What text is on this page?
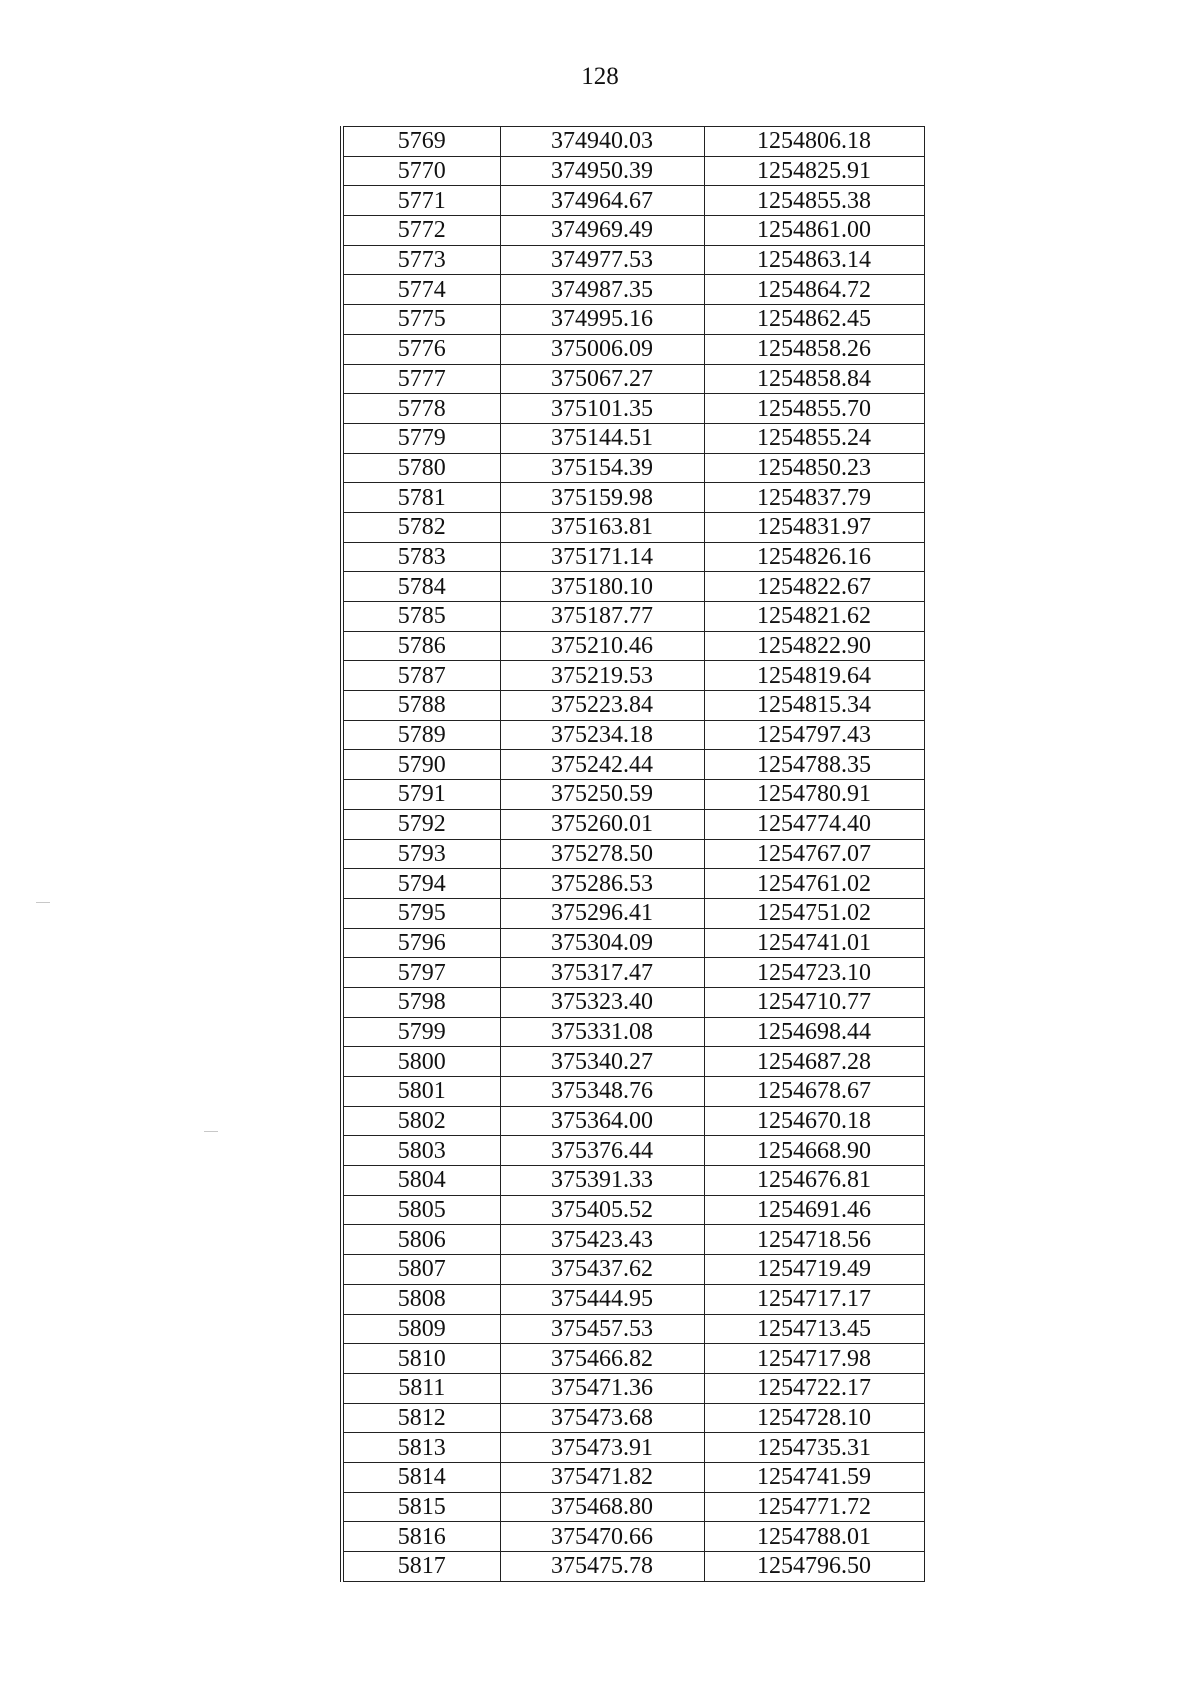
128
5769	374940.03	1254806.18
5770	374950.39	1254825.91
5771	374964.67	1254855.38
5772	374969.49	1254861.00
5773	374977.53	1254863.14
5774	374987.35	1254864.72
5775	374995.16	1254862.45
5776	375006.09	1254858.26
5777	375067.27	1254858.84
5778	375101.35	1254855.70
5779	375144.51	1254855.24
5780	375154.39	1254850.23
5781	375159.98	1254837.79
5782	375163.81	1254831.97
5783	375171.14	1254826.16
5784	375180.10	1254822.67
5785	375187.77	1254821.62
5786	375210.46	1254822.90
5787	375219.53	1254819.64
5788	375223.84	1254815.34
5789	375234.18	1254797.43
5790	375242.44	1254788.35
5791	375250.59	1254780.91
5792	375260.01	1254774.40
5793	375278.50	1254767.07
5794	375286.53	1254761.02
5795	375296.41	1254751.02
5796	375304.09	1254741.01
5797	375317.47	1254723.10
5798	375323.40	1254710.77
5799	375331.08	1254698.44
5800	375340.27	1254687.28
5801	375348.76	1254678.67
5802	375364.00	1254670.18
5803	375376.44	1254668.90
5804	375391.33	1254676.81
5805	375405.52	1254691.46
5806	375423.43	1254718.56
5807	375437.62	1254719.49
5808	375444.95	1254717.17
5809	375457.53	1254713.45
5810	375466.82	1254717.98
5811	375471.36	1254722.17
5812	375473.68	1254728.10
5813	375473.91	1254735.31
5814	375471.82	1254741.59
5815	375468.80	1254771.72
5816	375470.66	1254788.01
5817	375475.78	1254796.50
